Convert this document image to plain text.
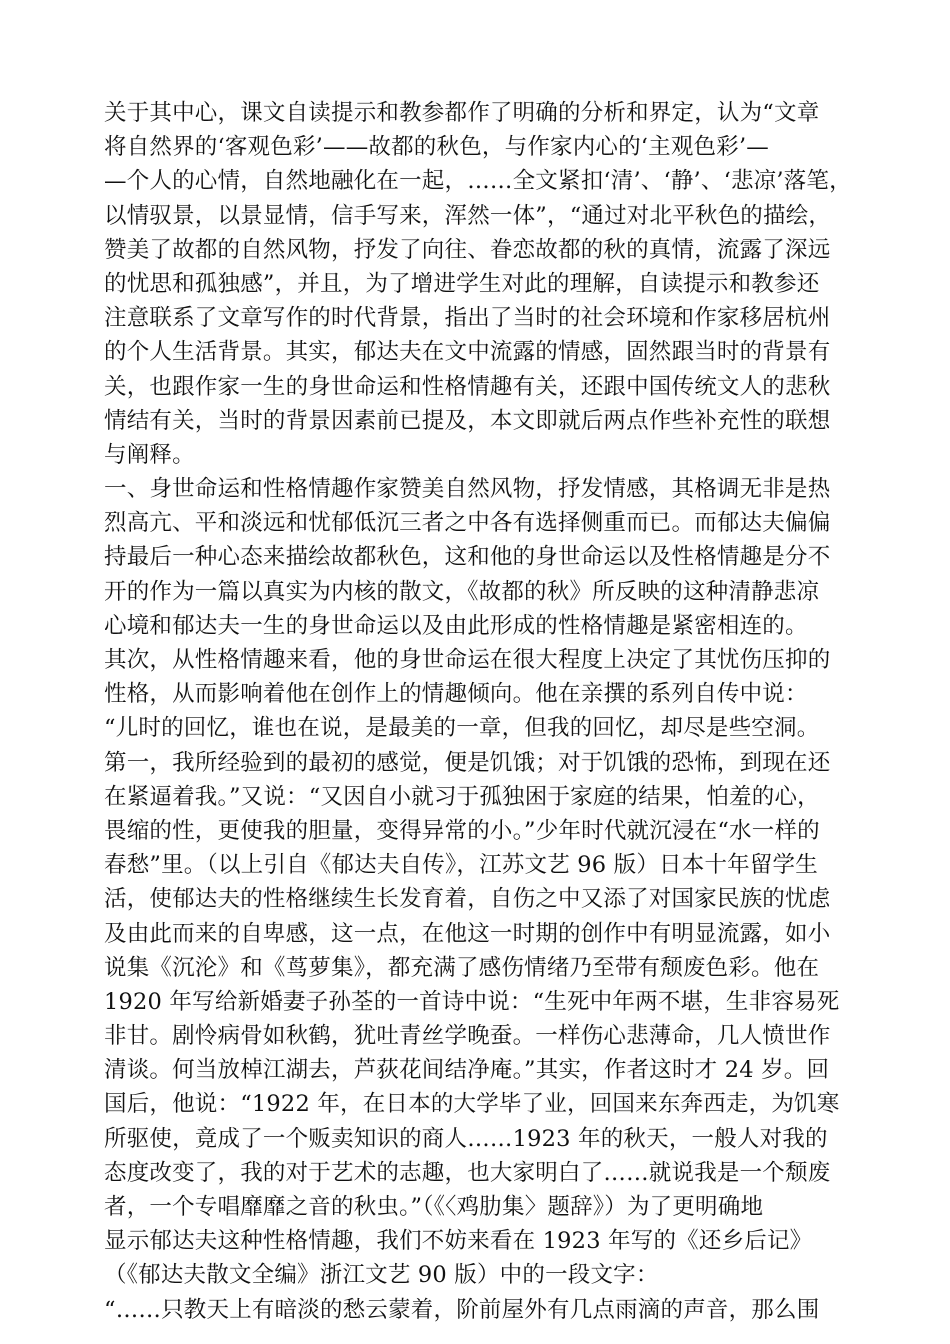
关于其中心，课文自读提示和教参都作了明确的分析和界定，认为“文章
将自然界的‘客观色彩’——故都的秋色，与作家内心的‘主观色彩’—
—个人的心情，自然地融化在一起，……全文紧扣‘清’、‘静’、‘悲凉’落笔，
以情驭景，以景显情，信手写来，浑然一体”，“通过对北平秋色的描绘，
赞美了故都的自然风物，抒发了向往、眷恋故都的秋的真情，流露了深远
的忧思和孤独感”，并且，为了增进学生对此的理解，自读提示和教参还
注意联系了文章写作的时代背景，指出了当时的社会环境和作家移居杭州
的个人生活背景。其实，郁达夫在文中流露的情感，固然跟当时的背景有
关，也跟作家一生的身世命运和性格情趣有关，还跟中国传统文人的悲秋
情结有关，当时的背景因素前已提及，本文即就后两点作些补充性的联想
与阐释。
一、身世命运和性格情趣作家赞美自然风物，抒发情感，其格调无非是热
烈高亢、平和淡远和忧郁低沉三者之中各有选择侧重而已。而郁达夫偏偏
持最后一种心态来描绘故都秋色，这和他的身世命运以及性格情趣是分不
开的作为一篇以真实为内核的散文，《故都的秋》所反映的这种清静悲凉
心境和郁达夫一生的身世命运以及由此形成的性格情趣是紧密相连的。
其次，从性格情趣来看，他的身世命运在很大程度上决定了其忧伤压抑的
性格，从而影响着他在创作上的情趣倾向。他在亲撰的系列自传中说：
“儿时的回忆，谁也在说，是最美的一章，但我的回忆，却尽是些空洞。
第一，我所经验到的最初的感觉，便是饥饿；对于饥饿的恐怖，到现在还
在紧逼着我。”又说：“又因自小就习于孤独困于家庭的结果，怕羞的心，
畏缩的性，更使我的胆量，变得异常的小。”少年时代就沉浸在“水一样的
春愁”里。（以上引自《郁达夫自传》，江苏文艺 96 版）日本十年留学生
活，使郁达夫的性格继续生长发育着，自伤之中又添了对国家民族的忧虑
及由此而来的自卑感，这一点，在他这一时期的创作中有明显流露，如小
说集《沉沦》和《茑萝集》，都充满了感伤情绪乃至带有颓废色彩。他在
1920 年写给新婚妻子孙荃的一首诗中说：“生死中年两不堪，生非容易死
非甘。剧怜病骨如秋鹤，犹吐青丝学晚蚕。一样伤心悲薄命，几人愤世作
清谈。何当放棹江湖去，芦荻花间结净庵。”其实，作者这时才 24 岁。回
国后，他说：“1922 年，在日本的大学毕了业，回国来东奔西走，为饥寒
所驱使，竟成了一个贩卖知识的商人……1923 年的秋天，一般人对我的
态度改变了，我的对于艺术的志趣，也大家明白了……就说我是一个颓废
者，一个专唱靡靡之音的秋虫。”（《〈鸡肋集〉题辞》）为了更明确地
显示郁达夫这种性格情趣，我们不妨来看在 1923 年写的《还乡后记》
（《郁达夫散文全编》浙江文艺 90 版）中的一段文字：
“……只教天上有暗淡的愁云蒙着，阶前屋外有几点雨滴的声音，那么围
